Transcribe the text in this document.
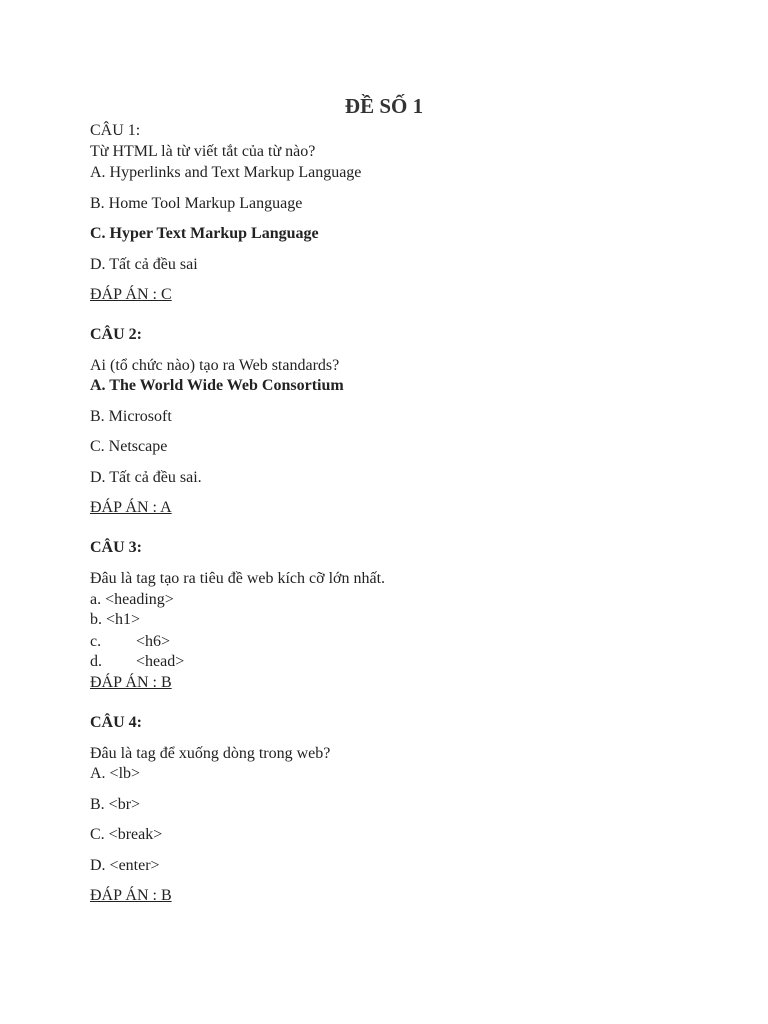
ĐỀ SỐ 1
CÂU 1:
Từ HTML là từ viết tắt của từ nào?
A. Hyperlinks and Text Markup Language
B. Home Tool Markup Language
C. Hyper Text Markup Language
D. Tất cả đều sai
ĐÁP ÁN : C
CÂU 2:
Ai (tổ chức nào) tạo ra Web standards?
A. The World Wide Web Consortium
B. Microsoft
C. Netscape
D. Tất cả đều sai.
ĐÁP ÁN : A
CÂU 3:
Đâu là tag tạo ra tiêu đề web kích cỡ lớn nhất.
a. <heading>
b. <h1>
c. <h6>
d. <head>
ĐÁP ÁN : B
CÂU 4:
Đâu là tag để xuống dòng trong web?
A. <lb>
B. <br>
C. <break>
D. <enter>
ĐÁP ÁN : B
